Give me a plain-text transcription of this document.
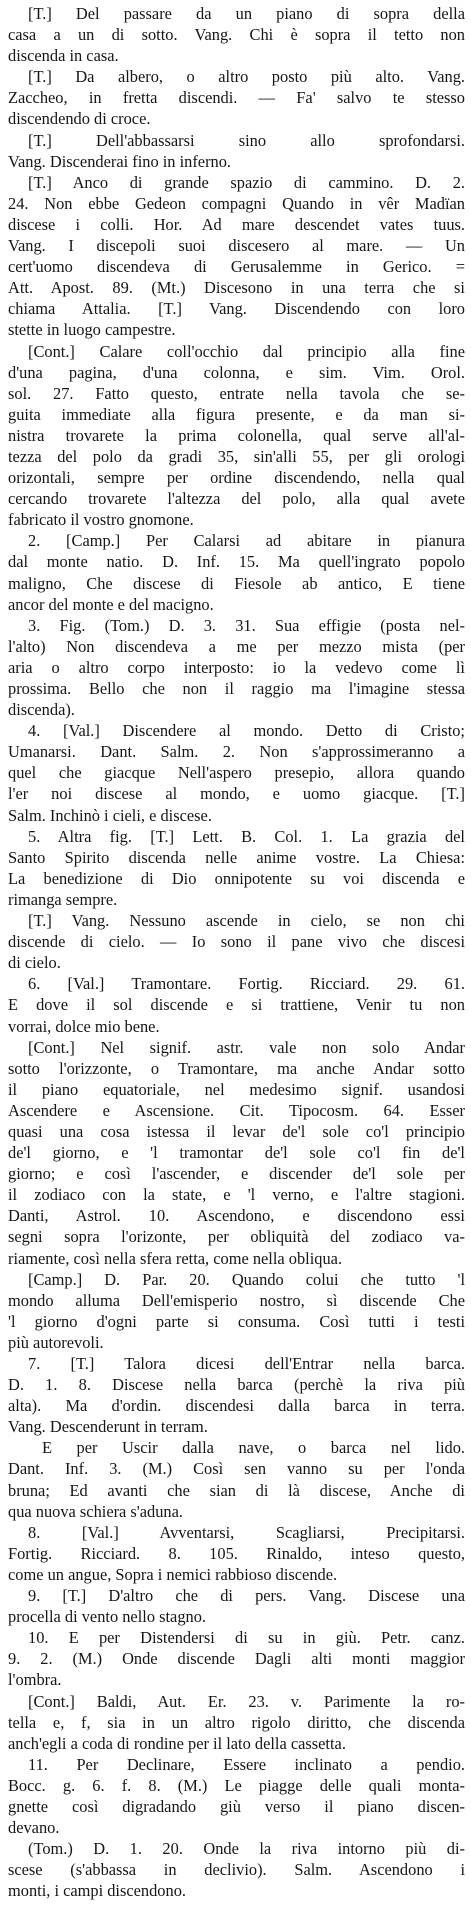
[T.] Del passare da un piano di sopra della
casa a un di sotto. Vang. Chi è sopra il tetto non
discenda in casa.
[T.] Da albero, o altro posto più alto. Vang.
Zaccheo, in fretta discendi. — Fa' salvo te stesso
discendendo di croce.
[T.] Dell'abbassarsi sino allo sprofondarsi.
Vang. Discenderai fino in inferno.
[T.] Anco di grande spazio di cammino. D. 2.
24. Non ebbe Gedeon compagni Quando in vêr Madïan
discese i colli. Hor. Ad mare descendet vates tuus.
Vang. I discepoli suoi discesero al mare. — Un
cert'uomo discendeva di Gerusalemme in Gerico. =
Att. Apost. 89. (Mt.) Discesono in una terra che si
chiama Attalia. [T.] Vang. Discendendo con loro
stette in luogo campestre.
[Cont.] Calare coll'occhio dal principio alla fine
d'una pagina, d'una colonna, e sim. Vim. Orol.
sol. 27. Fatto questo, entrate nella tavola che se-
guita immediate alla figura presente, e da man si-
nistra trovarete la prima colonella, qual serve all'al-
tezza del polo da gradi 35, sin'alli 55, per gli orologi
orizontali, sempre per ordine discendendo, nella qual
cercando trovarete l'altezza del polo, alla qual avete
fabricato il vostro gnomone.
2. [Camp.] Per Calarsi ad abitare in pianura
dal monte natio. D. Inf. 15. Ma quell'ingrato popolo
maligno, Che discese di Fiesole ab antico, E tiene
ancor del monte e del macigno.
3. Fig. (Tom.) D. 3. 31. Sua effigie (posta nel-
l'alto) Non discendeva a me per mezzo mista (per
aria o altro corpo interposto: io la vedevo come lì
prossima. Bello che non il raggio ma l'imagine stessa
discenda).
4. [Val.] Discendere al mondo. Detto di Cristo;
Umanarsi. Dant. Salm. 2. Non s'approssimeranno a
quel che giacque Nell'aspero presepio, allora quando
l'er noi discese al mondo, e uomo giacque. [T.]
Salm. Inchinò i cieli, e discese.
5. Altra fig. [T.] Lett. B. Col. 1. La grazia del
Santo Spirito discenda nelle anime vostre. La Chiesa:
La benedizione di Dio onnipotente su voi discenda e
rimanga sempre.
[T.] Vang. Nessuno ascende in cielo, se non chi
discende di cielo. — Io sono il pane vivo che discesi
di cielo.
6. [Val.] Tramontare. Fortig. Ricciard. 29. 61.
E dove il sol discende e si trattiene, Venir tu non
vorrai, dolce mio bene.
[Cont.] Nel signif. astr. vale non solo Andar
sotto l'orizzonte, o Tramontare, ma anche Andar sotto
il piano equatoriale, nel medesimo signif. usandosi
Ascendere e Ascensione. Cit. Tipocosm. 64. Esser
quasi una cosa istessa il levar de'l sole co'l principio
de'l giorno, e 'l tramontar de'l sole co'l fin de'l
giorno; e così l'ascender, e discender de'l sole per
il zodiaco con la state, e 'l verno, e l'altre stagioni.
Danti, Astrol. 10. Ascendono, e discendono essi
segni sopra l'orizonte, per obliquità del zodiaco va-
riamente, così nella sfera retta, come nella obliqua.
[Camp.] D. Par. 20. Quando colui che tutto 'l
mondo alluma Dell'emisperio nostro, sì discende Che
'l giorno d'ogni parte si consuma. Così tutti i testi
più autorevoli.
7. [T.] Talora dicesi dell'Entrar nella barca.
D. 1. 8. Discese nella barca (perchè la riva più
alta). Ma d'ordin. discendesi dalla barca in terra.
Vang. Descenderunt in terram.
E per Uscir dalla nave, o barca nel lido.
Dant. Inf. 3. (M.) Così sen vanno su per l'onda
bruna; Ed avanti che sian di là discese, Anche di
qua nuova schiera s'aduna.
8. [Val.] Avventarsi, Scagliarsi, Precipitarsi.
Fortig. Ricciard. 8. 105. Rinaldo, inteso questo,
come un angue, Sopra i nemici rabbioso discende.
9. [T.] D'altro che di pers. Vang. Discese una
procella di vento nello stagno.
10. E per Distendersi di su in giù. Petr. canz.
9. 2. (M.) Onde discende Dagli alti monti maggior
l'ombra.
[Cont.] Baldi, Aut. Er. 23. v. Parimente la ro-
tella e, f, sia in un altro rigolo diritto, che discenda
anch'egli a coda di rondine per il lato della cassetta.
11. Per Declinare, Essere inclinato a pendio.
Bocc. g. 6. f. 8. (M.) Le piagge delle quali monta-
gnette così digradando giù verso il piano discen-
devano.
(Tom.) D. 1. 20. Onde la riva intorno più di-
scese (s'abbassa in declivio). Salm. Ascendono i
monti, i campi discendono.
